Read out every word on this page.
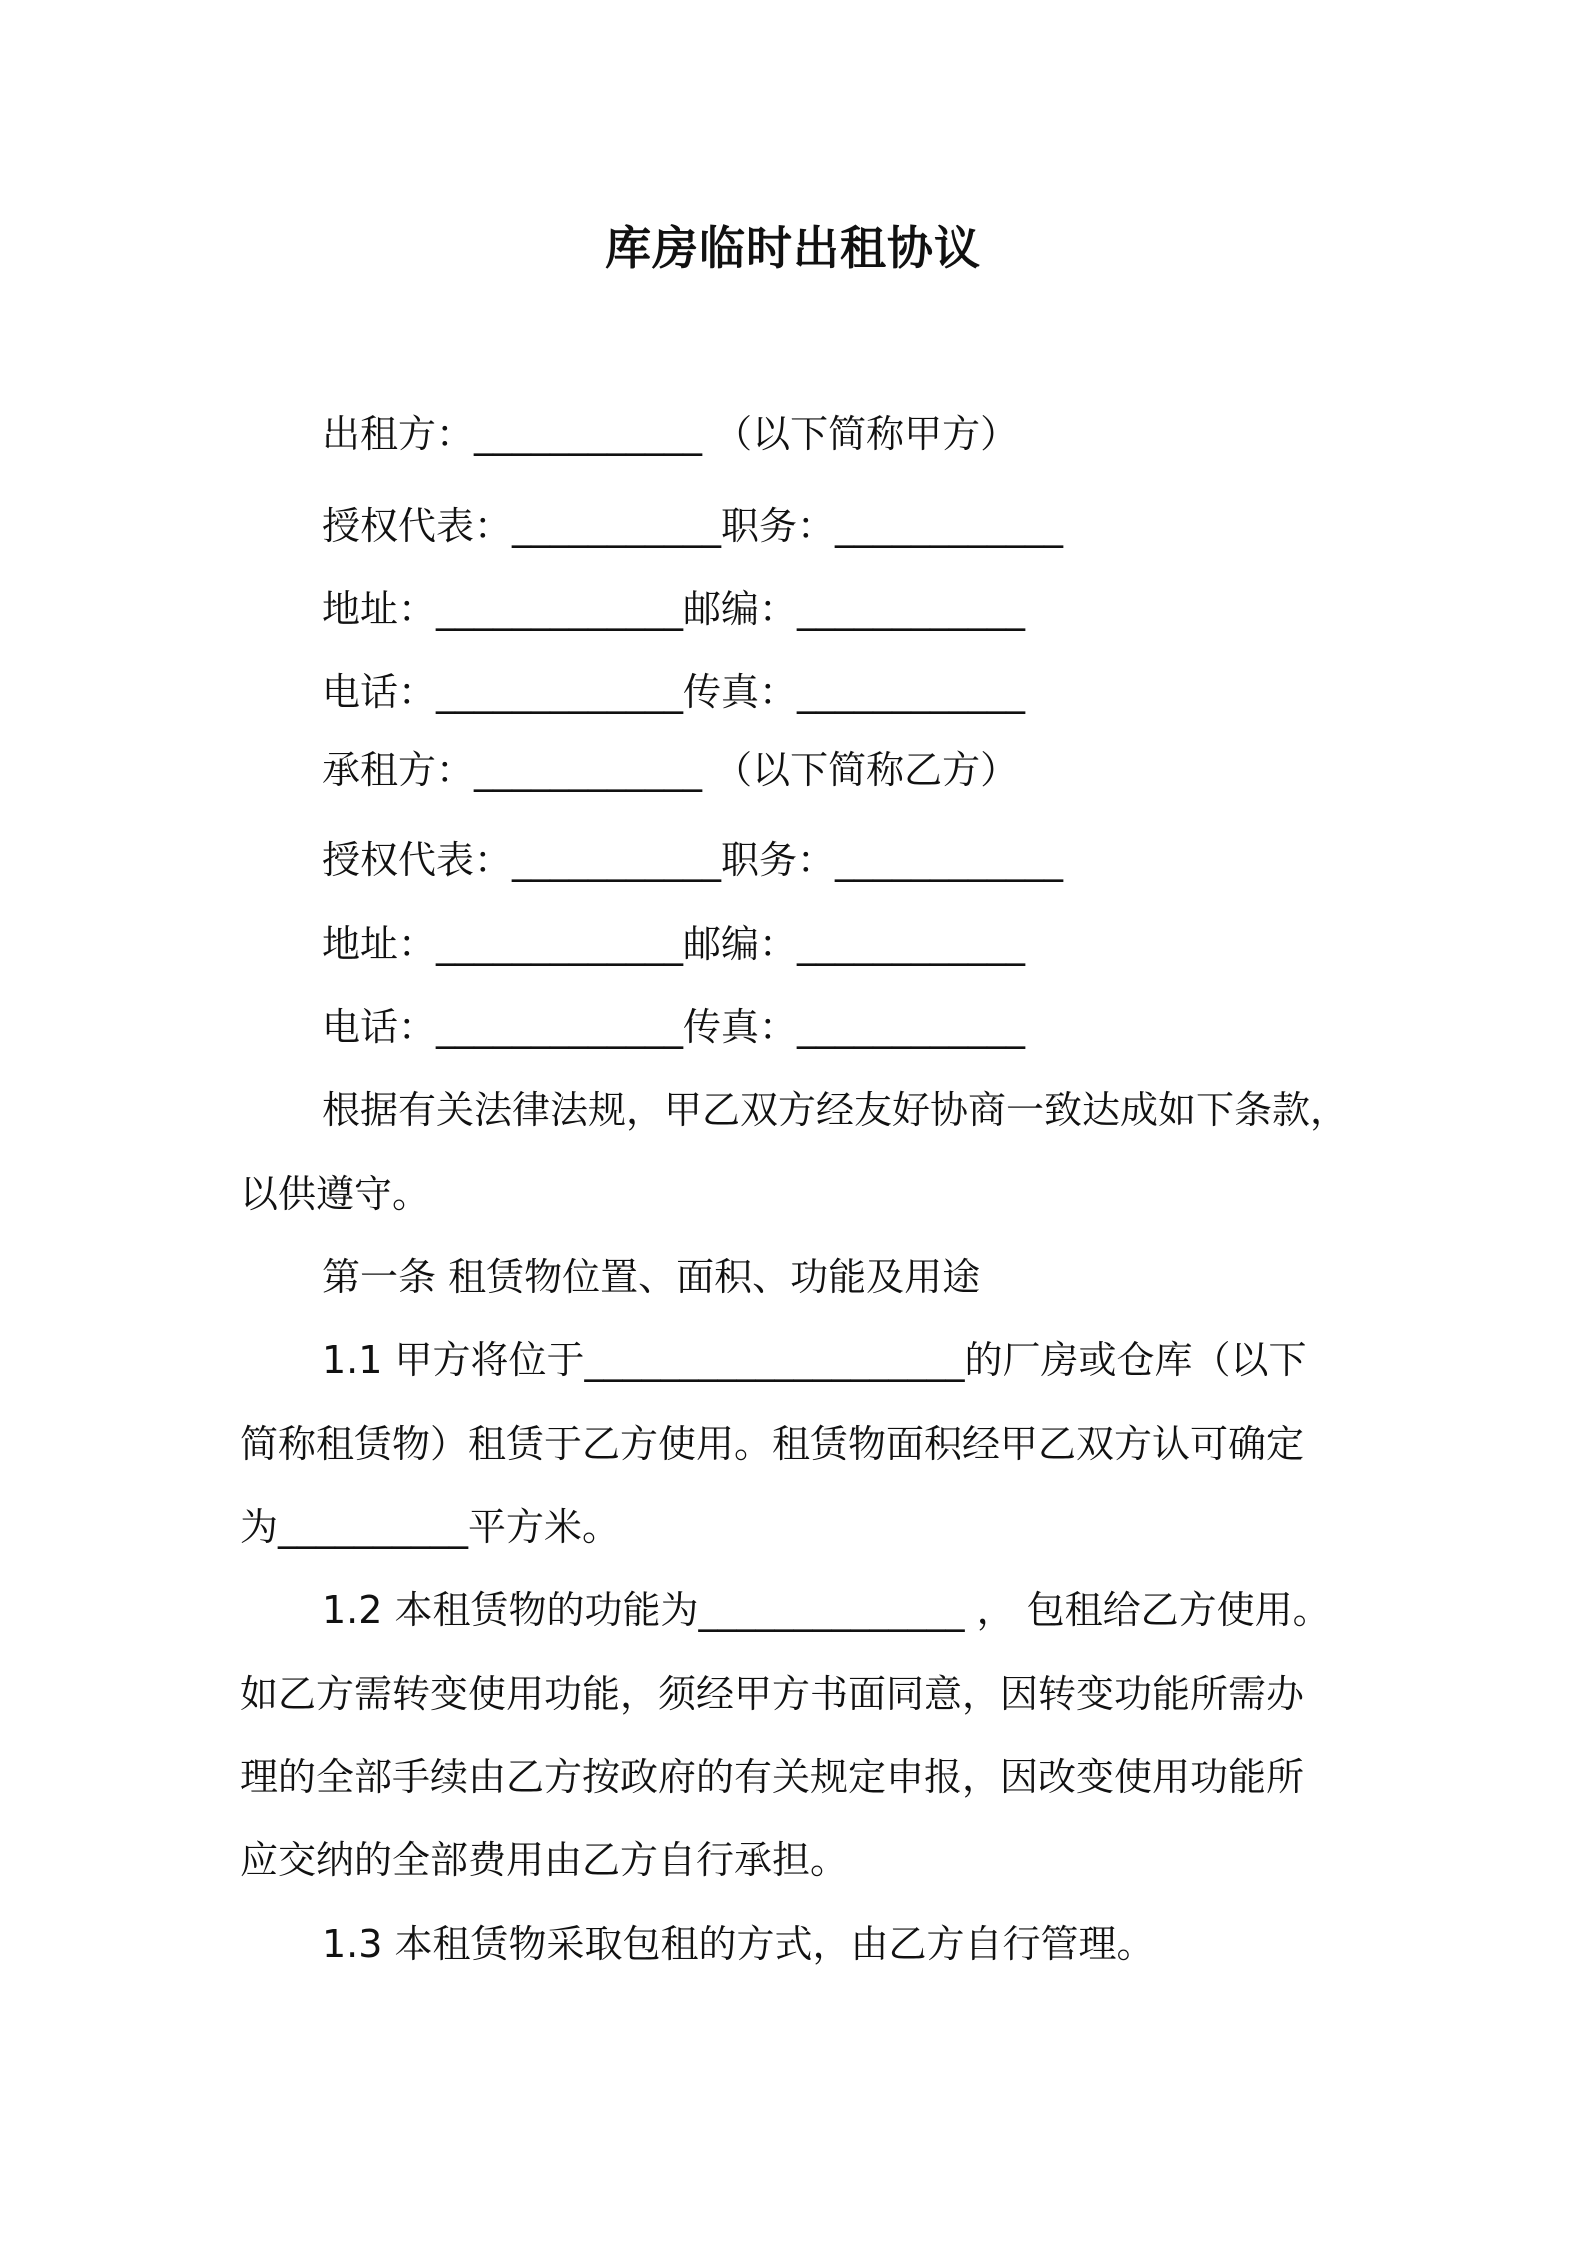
库房临时出租协议
出租方：____________ （以下简称甲方）
授权代表：___________职务：____________
地址：_____________邮编：____________
电话：_____________传真：____________
承租方：____________ （以下简称乙方）
授权代表：___________职务：____________
地址：_____________邮编：____________
电话：_____________传真：____________
根据有关法律法规，甲乙双方经友好协商一致达成如下条款，
以供遵守。
第一条 租赁物位置、面积、功能及用途
1.1 甲方将位于____________________的厂房或仓库（以下
简称租赁物）租赁于乙方使用。租赁物面积经甲乙双方认可确定
为__________平方米。
1.2 本租赁物的功能为______________ ， 包租给乙方使用。
如乙方需转变使用功能，须经甲方书面同意，因转变功能所需办
理的全部手续由乙方按政府的有关规定申报，因改变使用功能所
应交纳的全部费用由乙方自行承担。
1.3 本租赁物采取包租的方式，由乙方自行管理。
